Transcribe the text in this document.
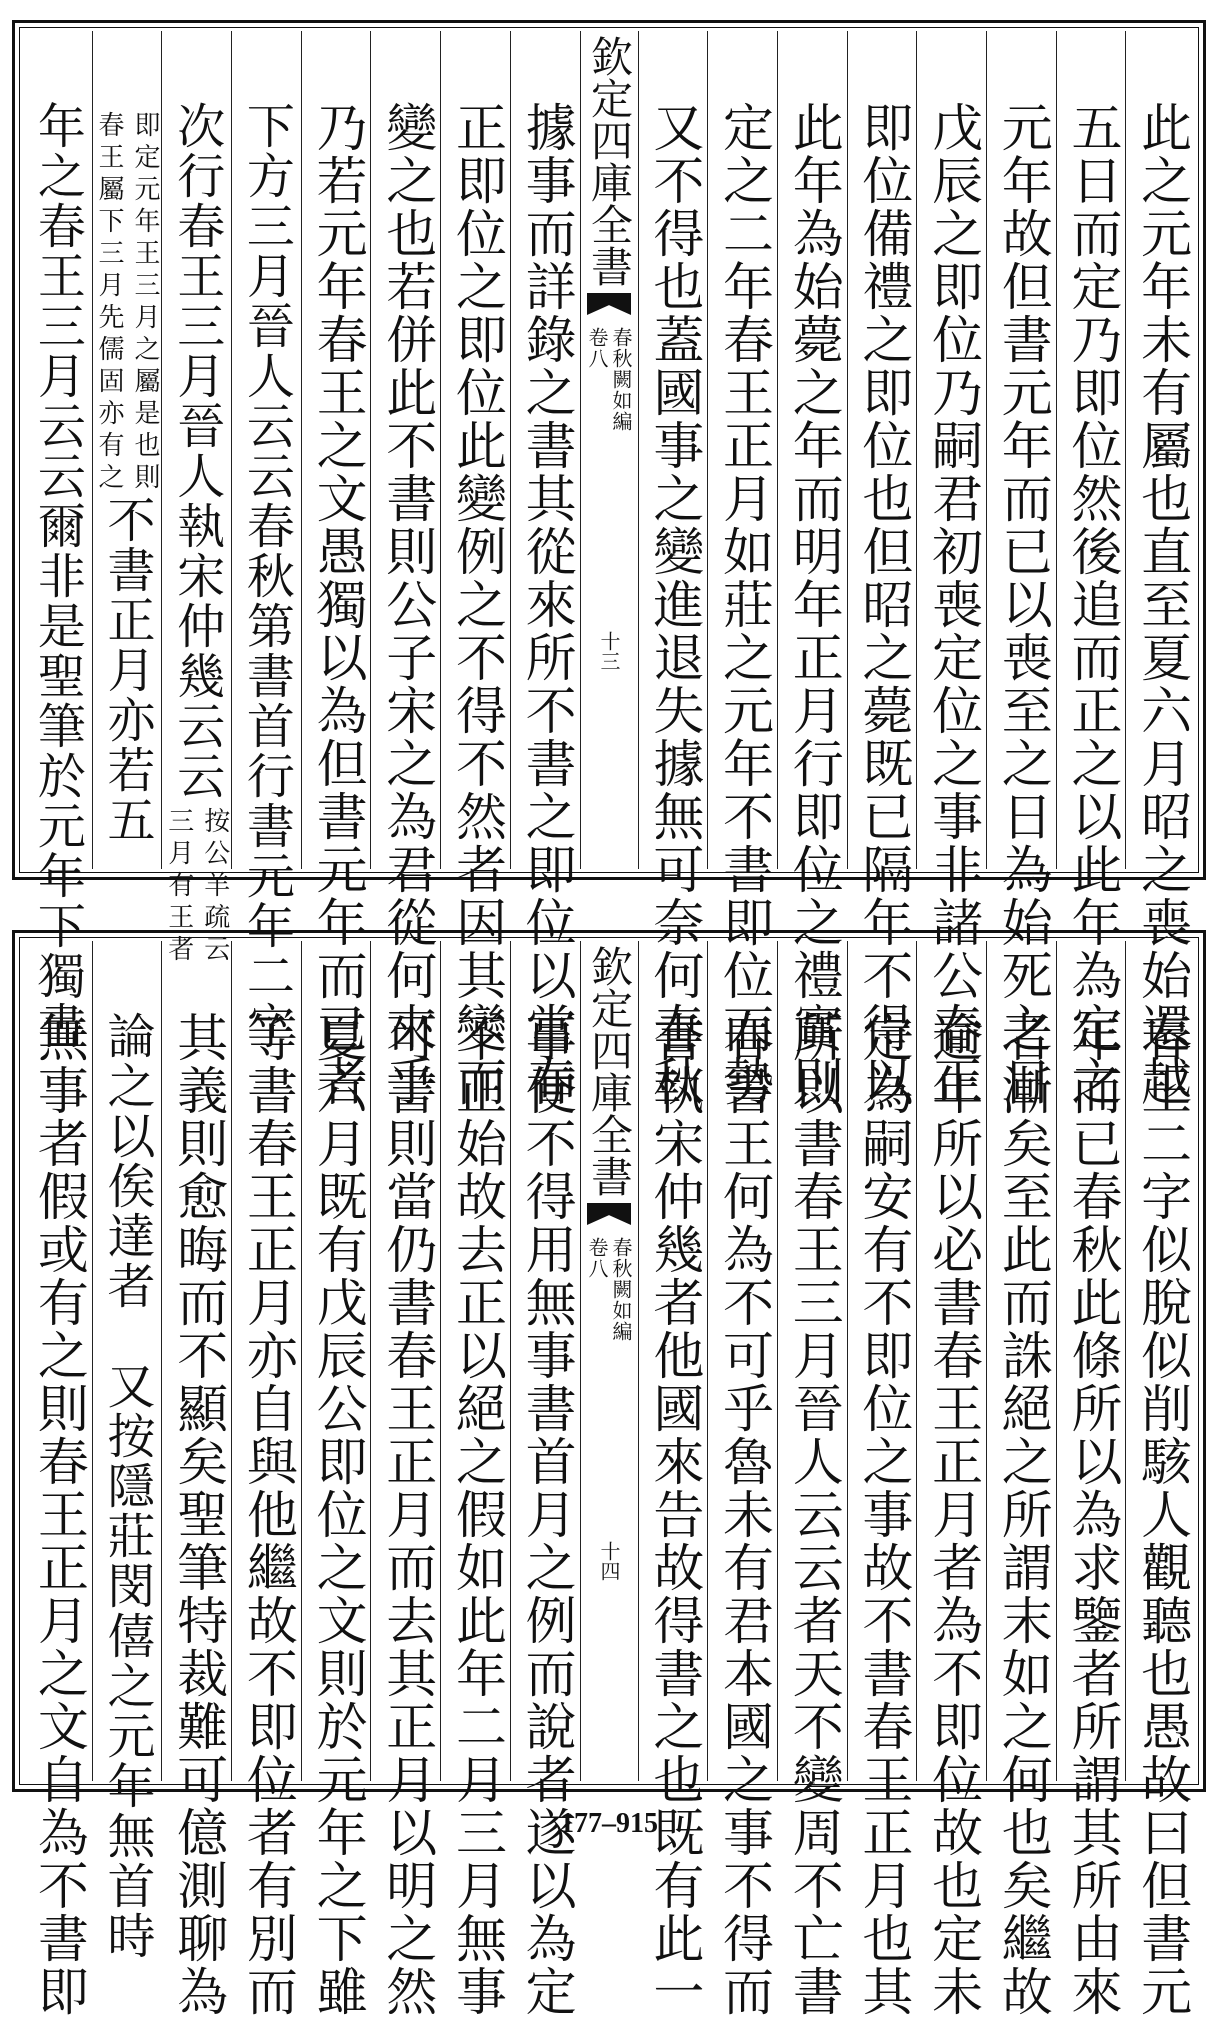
此之元年未有屬也直至夏六月昭之喪始還越
五日而定乃即位然後追而正之以此年為定之
元年故但書元年而已以喪至之日為始死之日
戊辰之即位乃嗣君初喪定位之事非諸公春正
即位備禮之即位也但昭之薨既已隔年不得以
此年為始薨之年而明年正月行即位之禮實則
定之二年春王正月如莊之元年不書即位而勢
又不得也蓋國事之變進退失據無可奈何春秋
欽定四庫全書
春秋闕如編
卷八
十三
據事而詳錄之書其從來所不書之即位以當春
正即位之即位此變例之不得不然者因其變而
變之也若併此不書則公子宋之為君從何來乎
乃若元年春王之文愚獨以為但書元年而已者
下方三月晉人云云春秋第書首行書元年二字
次行春王三月晉人執宋仲幾云云
按公羊疏云
三月有王者
即定元年王三月之屬是也則
春王屬下三月先儒固亦有之
不書正月亦若五
年之春王三月云云爾非是聖筆於元年下獨書
春王二字似脫似削駭人觀聽也愚故曰但書元
年而已春秋此條所以為求鑒者所謂其所由來
者漸矣至此而誅絕之所謂末如之何也矣繼故
逾年所以必書春王正月者為不即位故也定未
定為嗣安有不即位之事故不書春王正月也其
所以書春王三月晉人云云者天不變周不亡書
春書王何為不可乎魯未有君本國之事不得而
書執宋仲幾者他國來告故得書之也既有此一
欽定四庫全書
春秋闕如編
卷八
十四
事便不得用無事書首月之例而說者遂以為定
不正始故去正以絕之假如此年二月三月無事
可書則當仍書春王正月而去其正月以明之然
夏六月既有戊辰公即位之文則於元年之下雖
等書春王正月亦自與他繼故不即位者有別而
其義則愈晦而不顯矣聖筆特裁難可億測聊為
論之以俟達者　又按隱莊閔僖之元年無首時
無事者假或有之則春王正月之文自為不書即	177–915
